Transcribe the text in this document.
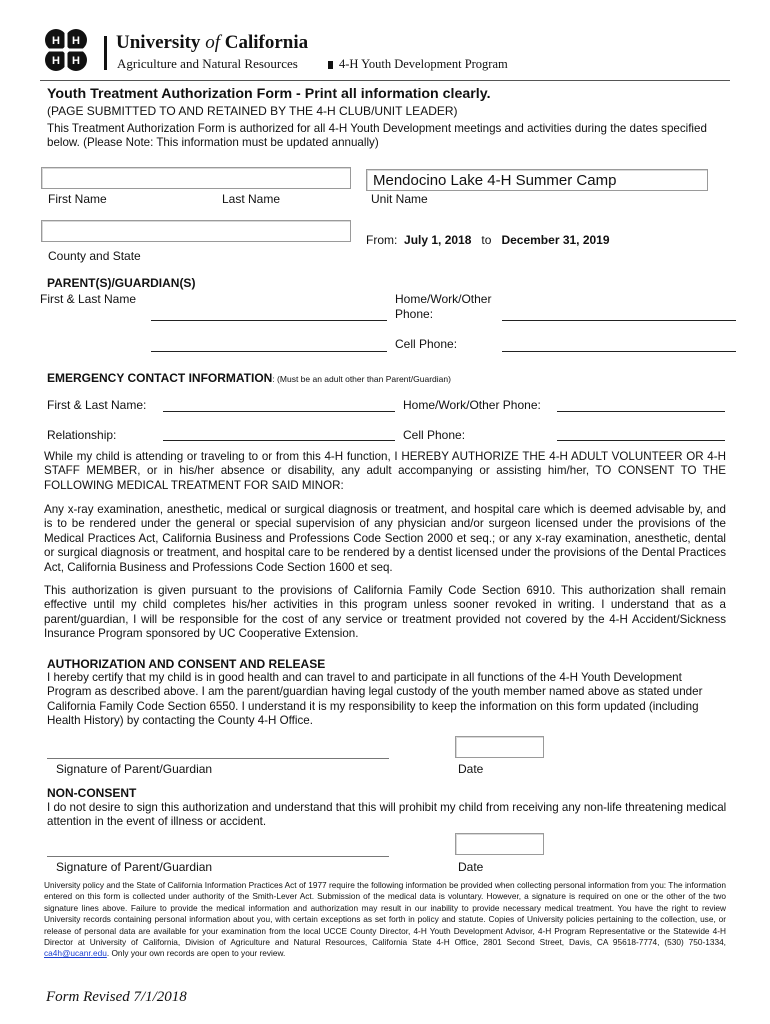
H H
H H
University of California
Agriculture and Natural Resources	4-H Youth Development Program
Youth Treatment Authorization Form - Print all information clearly.
(PAGE SUBMITTED TO AND RETAINED BY THE 4-H CLUB/UNIT LEADER)
This Treatment Authorization Form is authorized for all 4-H Youth Development meetings and activities during the dates specified below. (Please Note: This information must be updated annually)
First Name	Last Name
Mendocino Lake 4-H Summer Camp
Unit Name
County and State
From: July 1, 2018 to December 31, 2019
PARENT(S)/GUARDIAN(S)
First & Last Name	Home/Work/Other
Phone:
Cell Phone:
EMERGENCY CONTACT INFORMATION: (Must be an adult other than Parent/Guardian)
First & Last Name:	Home/Work/Other Phone:
Relationship:	Cell Phone:
While my child is attending or traveling to or from this 4-H function, I HEREBY AUTHORIZE THE 4-H ADULT VOLUNTEER OR 4-H STAFF MEMBER, or in his/her absence or disability, any adult accompanying or assisting him/her, TO CONSENT TO THE FOLLOWING MEDICAL TREATMENT FOR SAID MINOR:
Any x-ray examination, anesthetic, medical or surgical diagnosis or treatment, and hospital care which is deemed advisable by, and is to be rendered under the general or special supervision of any physician and/or surgeon licensed under the provisions of the Medical Practices Act, California Business and Professions Code Section 2000 et seq.; or any x-ray examination, anesthetic, dental or surgical diagnosis or treatment, and hospital care to be rendered by a dentist licensed under the provisions of the Dental Practices Act, California Business and Professions Code Section 1600 et seq.
This authorization is given pursuant to the provisions of California Family Code Section 6910. This authorization shall remain effective until my child completes his/her activities in this program unless sooner revoked in writing. I understand that as a parent/guardian, I will be responsible for the cost of any service or treatment provided not covered by the 4-H Accident/Sickness Insurance Program sponsored by UC Cooperative Extension.
AUTHORIZATION AND CONSENT AND RELEASE
I hereby certify that my child is in good health and can travel to and participate in all functions of the 4-H Youth Development Program as described above. I am the parent/guardian having legal custody of the youth member named above as stated under California Family Code Section 6550. I understand it is my responsibility to keep the information on this form updated (including Health History) by contacting the County 4-H Office.
Signature of Parent/Guardian	Date
NON-CONSENT
I do not desire to sign this authorization and understand that this will prohibit my child from receiving any non-life threatening medical attention in the event of illness or accident.
Signature of Parent/Guardian	Date
University policy and the State of California Information Practices Act of 1977 require the following information be provided when collecting personal information from you: The information entered on this form is collected under authority of the Smith-Lever Act. Submission of the medical data is voluntary. However, a signature is required on one or the other of the two signature lines above. Failure to provide the medical information and authorization may result in our inability to provide necessary medical treatment. You have the right to review University records containing personal information about you, with certain exceptions as set forth in policy and statute. Copies of University policies pertaining to the collection, use, or release of personal data are available for your examination from the local UCCE County Director, 4-H Youth Development Advisor, 4-H Program Representative or the Statewide 4-H Director at University of California, Division of Agriculture and Natural Resources, California State 4-H Office, 2801 Second Street, Davis, CA 95618-7774, (530) 750-1334, ca4h@ucanr.edu. Only your own records are open to your review.
Form Revised 7/1/2018
